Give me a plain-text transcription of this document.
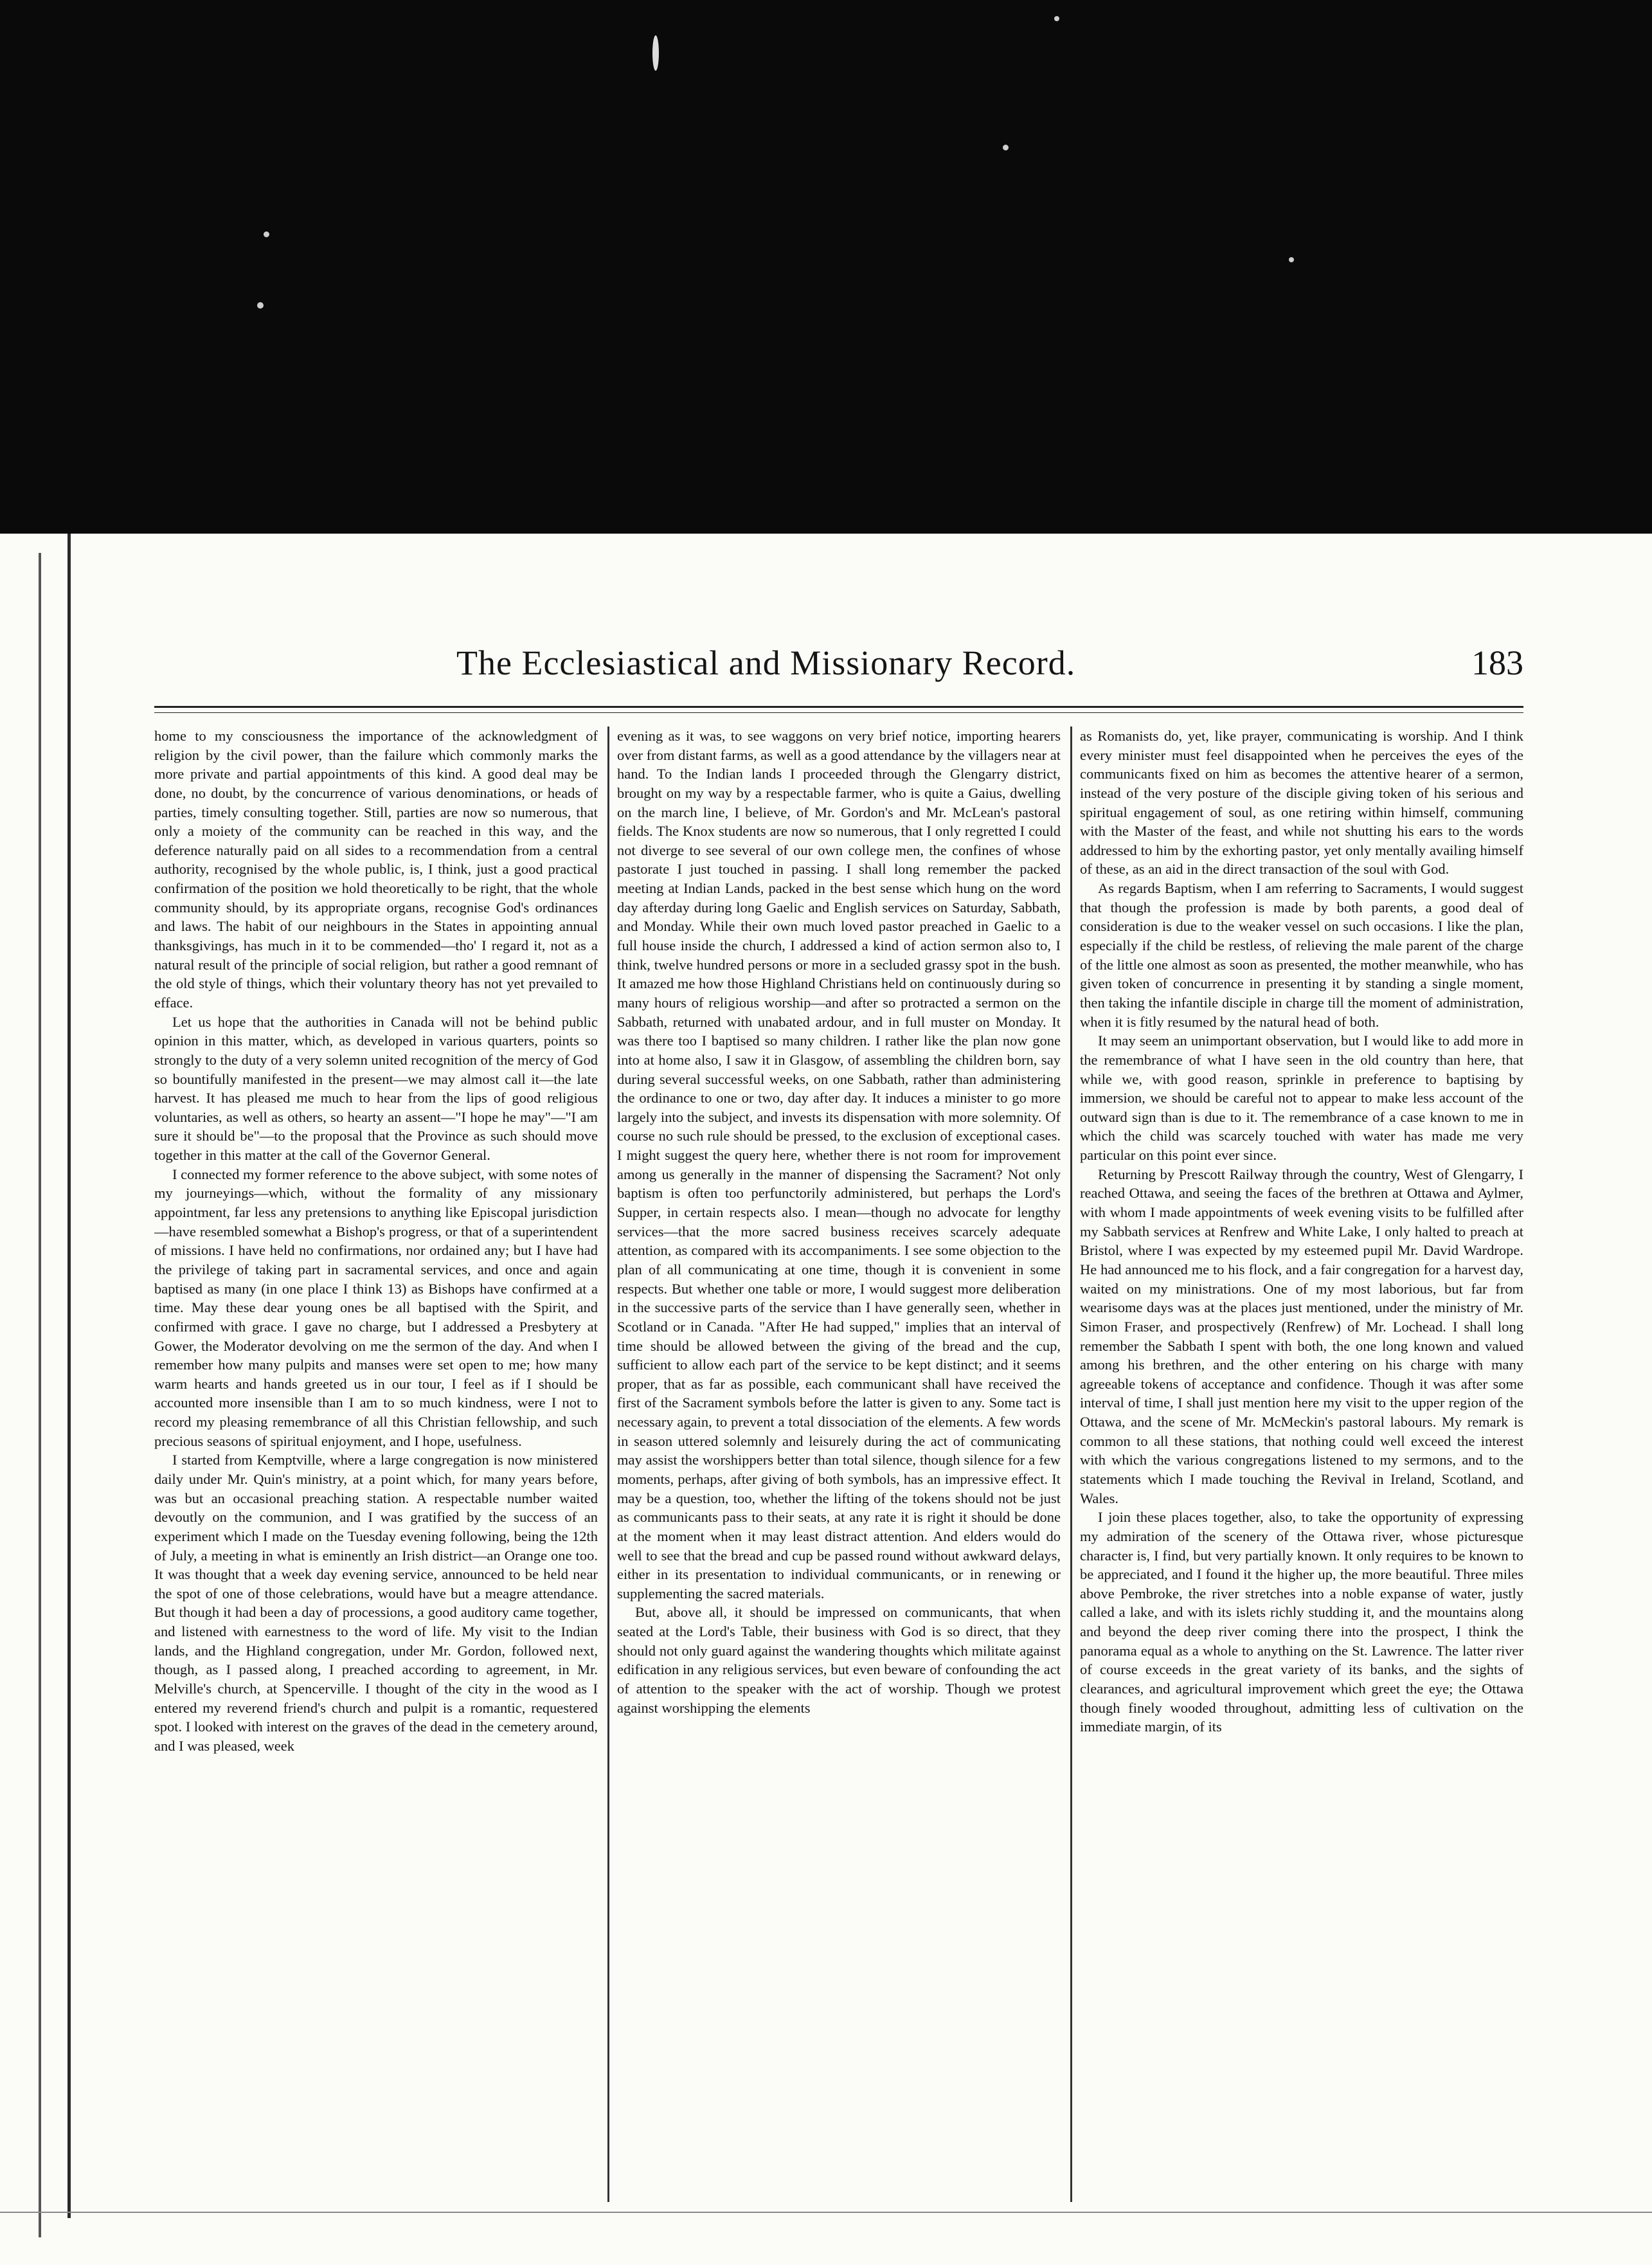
The Ecclesiastical and Missionary Record.	183

home to my consciousness the importance of the acknowledgment of religion by the civil power, than the failure which commonly marks the more private and partial appointments of this kind. A good deal may be done, no doubt, by the concurrence of various denominations, or heads of parties, timely consulting together. Still, parties are now so numerous, that only a moiety of the community can be reached in this way, and the deference naturally paid on all sides to a recommendation from a central authority, recognised by the whole public, is, I think, just a good practical confirmation of the position we hold theoretically to be right, that the whole community should, by its appropriate organs, recognise God's ordinances and laws. The habit of our neighbours in the States in appointing annual thanksgivings, has much in it to be commended—tho' I regard it, not as a natural result of the principle of social religion, but rather a good remnant of the old style of things, which their voluntary theory has not yet prevailed to efface.

Let us hope that the authorities in Canada will not be behind public opinion in this matter, which, as developed in various quarters, points so strongly to the duty of a very solemn united recognition of the mercy of God so bountifully manifested in the present—we may almost call it—the late harvest. It has pleased me much to hear from the lips of good religious voluntaries, as well as others, so hearty an assent—"I hope he may"—"I am sure it should be"—to the proposal that the Province as such should move together in this matter at the call of the Governor General.

I connected my former reference to the above subject, with some notes of my journeyings—which, without the formality of any missionary appointment, far less any pretensions to anything like Episcopal jurisdiction—have resembled somewhat a Bishop's progress, or that of a superintendent of missions. I have held no confirmations, nor ordained any; but I have had the privilege of taking part in sacramental services, and once and again baptised as many (in one place I think 13) as Bishops have confirmed at a time. May these dear young ones be all baptised with the Spirit, and confirmed with grace. I gave no charge, but I addressed a Presbytery at Gower, the Moderator devolving on me the sermon of the day. And when I remember how many pulpits and manses were set open to me; how many warm hearts and hands greeted us in our tour, I feel as if I should be accounted more insensible than I am to so much kindness, were I not to record my pleasing remembrance of all this Christian fellowship, and such precious seasons of spiritual enjoyment, and I hope, usefulness.

I started from Kemptville, where a large congregation is now ministered daily under Mr. Quin's ministry, at a point which, for many years before, was but an occasional preaching station. A respectable number waited devoutly on the communion, and I was gratified by the success of an experiment which I made on the Tuesday evening following, being the 12th of July, a meeting in what is eminently an Irish district—an Orange one too. It was thought that a week day evening service, announced to be held near the spot of one of those celebrations, would have but a meagre attendance. But though it had been a day of processions, a good auditory came together, and listened with earnestness to the word of life. My visit to the Indian lands, and the Highland congregation, under Mr. Gordon, followed next, though, as I passed along, I preached according to agreement, in Mr. Melville's church, at Spencerville. I thought of the city in the wood as I entered my reverend friend's church and pulpit is a romantic, requestered spot. I looked with interest on the graves of the dead in the cemetery around, and I was pleased, week

evening as it was, to see waggons on very brief notice, importing hearers over from distant farms, as well as a good attendance by the villagers near at hand. To the Indian lands I proceeded through the Glengarry district, brought on my way by a respectable farmer, who is quite a Gaius, dwelling on the march line, I believe, of Mr. Gordon's and Mr. McLean's pastoral fields. The Knox students are now so numerous, that I only regretted I could not diverge to see several of our own college men, the confines of whose pastorate I just touched in passing. I shall long remember the packed meeting at Indian Lands, packed in the best sense which hung on the word day afterday during long Gaelic and English services on Saturday, Sabbath, and Monday. While their own much loved pastor preached in Gaelic to a full house inside the church, I addressed a kind of action sermon also to, I think, twelve hundred persons or more in a secluded grassy spot in the bush. It amazed me how those Highland Christians held on continuously during so many hours of religious worship—and after so protracted a sermon on the Sabbath, returned with unabated ardour, and in full muster on Monday. It was there too I baptised so many children. I rather like the plan now gone into at home also, I saw it in Glasgow, of assembling the children born, say during several successful weeks, on one Sabbath, rather than administering the ordinance to one or two, day after day. It induces a minister to go more largely into the subject, and invests its dispensation with more solemnity. Of course no such rule should be pressed, to the exclusion of exceptional cases. I might suggest the query here, whether there is not room for improvement among us generally in the manner of dispensing the Sacrament? Not only baptism is often too perfunctorily administered, but perhaps the Lord's Supper, in certain respects also. I mean—though no advocate for lengthy services—that the more sacred business receives scarcely adequate attention, as compared with its accompaniments. I see some objection to the plan of all communicating at one time, though it is convenient in some respects. But whether one table or more, I would suggest more deliberation in the successive parts of the service than I have generally seen, whether in Scotland or in Canada. "After He had supped," implies that an interval of time should be allowed between the giving of the bread and the cup, sufficient to allow each part of the service to be kept distinct; and it seems proper, that as far as possible, each communicant shall have received the first of the Sacrament symbols before the latter is given to any. Some tact is necessary again, to prevent a total dissociation of the elements. A few words in season uttered solemnly and leisurely during the act of communicating may assist the worshippers better than total silence, though silence for a few moments, perhaps, after giving of both symbols, has an impressive effect. It may be a question, too, whether the lifting of the tokens should not be just as communicants pass to their seats, at any rate it is right it should be done at the moment when it may least distract attention. And elders would do well to see that the bread and cup be passed round without awkward delays, either in its presentation to individual communicants, or in renewing or supplementing the sacred materials.

But, above all, it should be impressed on communicants, that when seated at the Lord's Table, their business with God is so direct, that they should not only guard against the wandering thoughts which militate against edification in any religious services, but even beware of confounding the act of attention to the speaker with the act of worship. Though we protest against worshipping the elements

as Romanists do, yet, like prayer, communicating is worship. And I think every minister must feel disappointed when he perceives the eyes of the communicants fixed on him as becomes the attentive hearer of a sermon, instead of the very posture of the disciple giving token of his serious and spiritual engagement of soul, as one retiring within himself, communing with the Master of the feast, and while not shutting his ears to the words addressed to him by the exhorting pastor, yet only mentally availing himself of these, as an aid in the direct transaction of the soul with God.

As regards Baptism, when I am referring to Sacraments, I would suggest that though the profession is made by both parents, a good deal of consideration is due to the weaker vessel on such occasions. I like the plan, especially if the child be restless, of relieving the male parent of the charge of the little one almost as soon as presented, the mother meanwhile, who has given token of concurrence in presenting it by standing a single moment, then taking the infantile disciple in charge till the moment of administration, when it is fitly resumed by the natural head of both.

It may seem an unimportant observation, but I would like to add more in the remembrance of what I have seen in the old country than here, that while we, with good reason, sprinkle in preference to baptising by immersion, we should be careful not to appear to make less account of the outward sign than is due to it. The remembrance of a case known to me in which the child was scarcely touched with water has made me very particular on this point ever since.

Returning by Prescott Railway through the country, West of Glengarry, I reached Ottawa, and seeing the faces of the brethren at Ottawa and Aylmer, with whom I made appointments of week evening visits to be fulfilled after my Sabbath services at Renfrew and White Lake, I only halted to preach at Bristol, where I was expected by my esteemed pupil Mr. David Wardrope. He had announced me to his flock, and a fair congregation for a harvest day, waited on my ministrations. One of my most laborious, but far from wearisome days was at the places just mentioned, under the ministry of Mr. Simon Fraser, and prospectively (Renfrew) of Mr. Lochead. I shall long remember the Sabbath I spent with both, the one long known and valued among his brethren, and the other entering on his charge with many agreeable tokens of acceptance and confidence. Though it was after some interval of time, I shall just mention here my visit to the upper region of the Ottawa, and the scene of Mr. McMeckin's pastoral labours. My remark is common to all these stations, that nothing could well exceed the interest with which the various congregations listened to my sermons, and to the statements which I made touching the Revival in Ireland, Scotland, and Wales.

I join these places together, also, to take the opportunity of expressing my admiration of the scenery of the Ottawa river, whose picturesque character is, I find, but very partially known. It only requires to be known to be appreciated, and I found it the higher up, the more beautiful. Three miles above Pembroke, the river stretches into a noble expanse of water, justly called a lake, and with its islets richly studding it, and the mountains along and beyond the deep river coming there into the prospect, I think the panorama equal as a whole to anything on the St. Lawrence. The latter river of course exceeds in the great variety of its banks, and the sights of clearances, and agricultural improvement which greet the eye; the Ottawa though finely wooded throughout, admitting less of cultivation on the immediate margin, of its
